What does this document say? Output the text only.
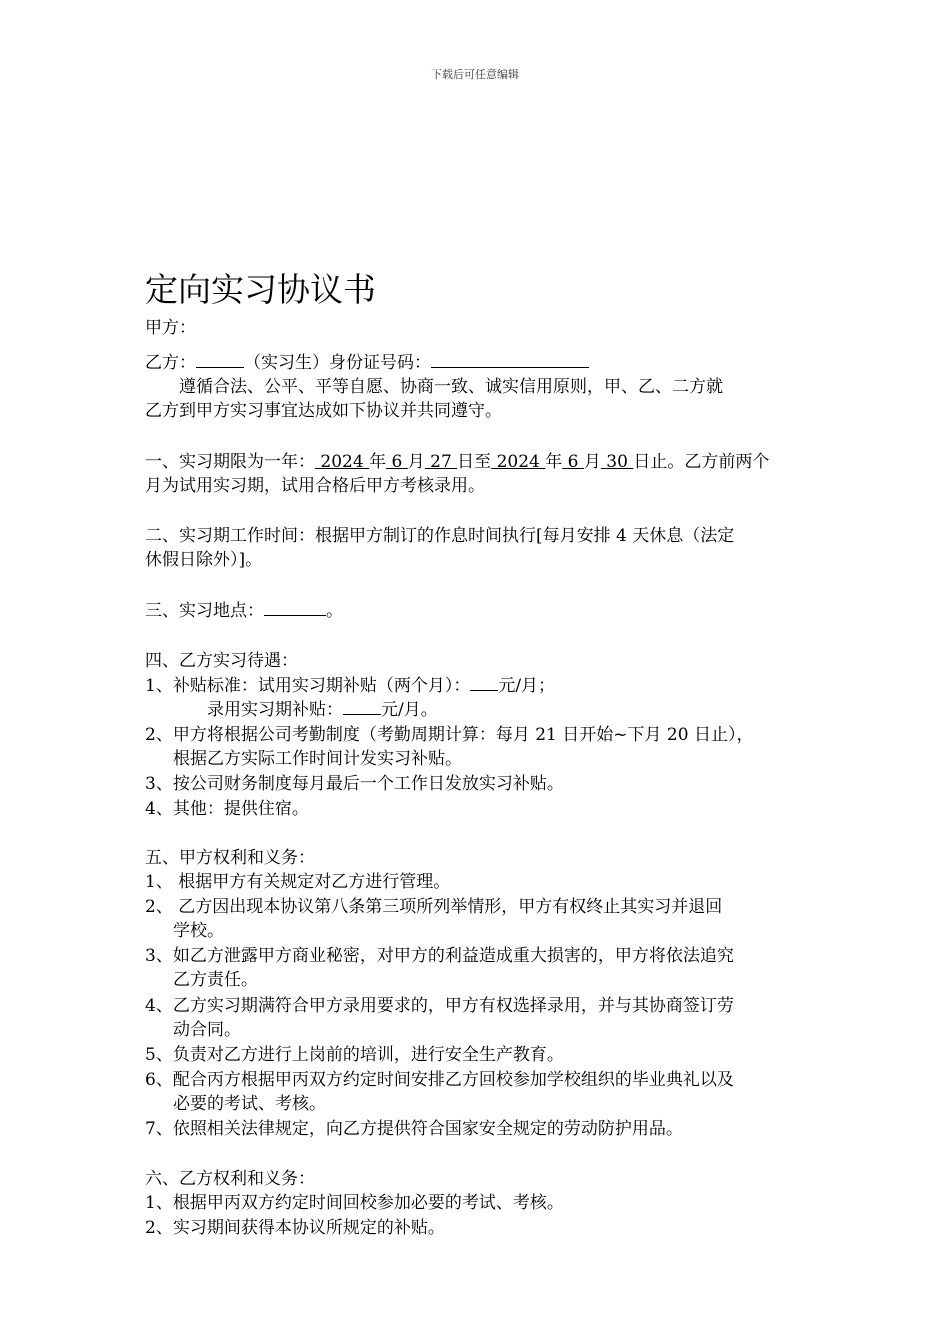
下载后可任意编辑
定向实习协议书
甲方：
乙方：	（实习生）身份证号码：
遵循合法、公平、平等自愿、协商一致、诚实信用原则，甲、乙、二方就
乙方到甲方实习事宜达成如下协议并共同遵守。
一、实习期限为一年： 2024 年 6 月 27 日至 2024 年 6 月 30 日止。乙方前两个
月为试用实习期，试用合格后甲方考核录用。
二、实习期工作时间：根据甲方制订的作息时间执行[每月安排 4 天休息（法定
休假日除外）]。
三、实习地点：	。
四、乙方实习待遇：
1、补贴标准：试用实习期补贴（两个月）： 元/月；
录用实习期补贴： 元/月。
2、甲方将根据公司考勤制度（考勤周期计算：每月 21 日开始~下月 20 日止），
根据乙方实际工作时间计发实习补贴。
3、按公司财务制度每月最后一个工作日发放实习补贴。
4、其他：提供住宿。
五、甲方权利和义务：
1、 根据甲方有关规定对乙方进行管理。
2、 乙方因出现本协议第八条第三项所列举情形，甲方有权终止其实习并退回
学校。
3、如乙方泄露甲方商业秘密，对甲方的利益造成重大损害的，甲方将依法追究
乙方责任。
4、乙方实习期满符合甲方录用要求的，甲方有权选择录用，并与其协商签订劳
动合同。
5、负责对乙方进行上岗前的培训，进行安全生产教育。
6、配合丙方根据甲丙双方约定时间安排乙方回校参加学校组织的毕业典礼以及
必要的考试、考核。
7、依照相关法律规定，向乙方提供符合国家安全规定的劳动防护用品。
六、乙方权利和义务：
1、根据甲丙双方约定时间回校参加必要的考试、考核。
2、实习期间获得本协议所规定的补贴。
